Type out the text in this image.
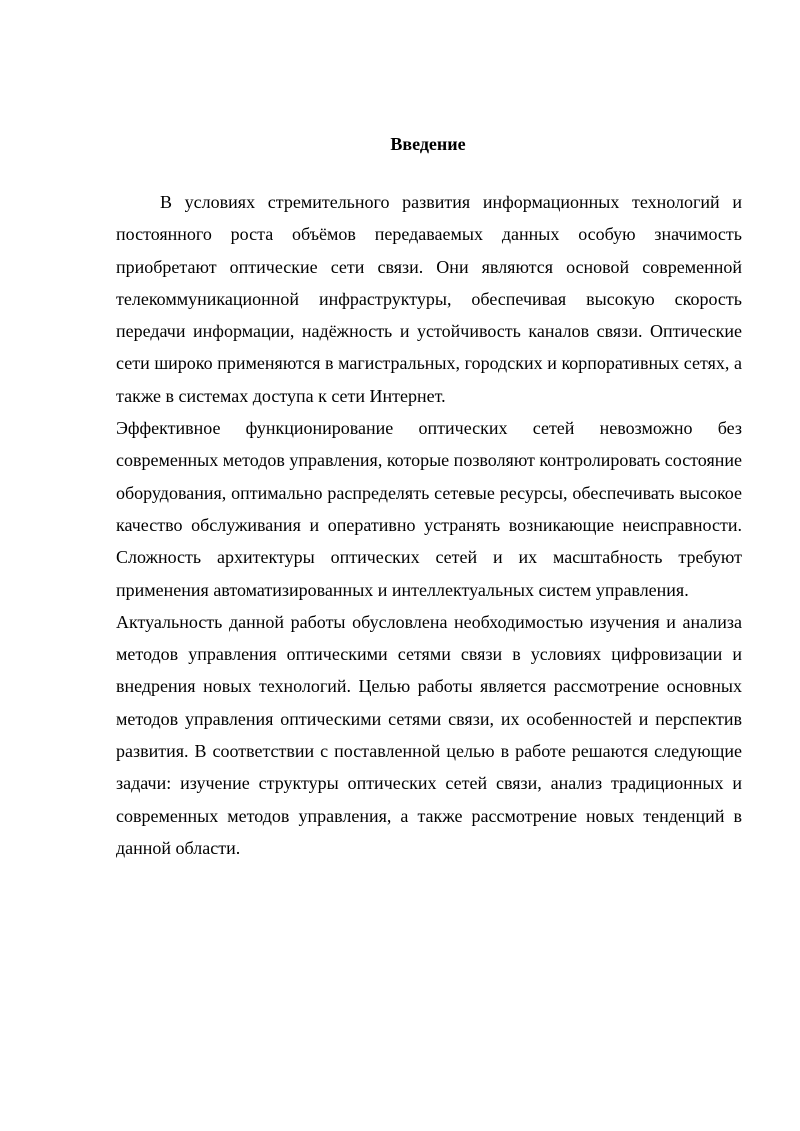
Введение

В условиях стремительного развития информационных технологий и постоянного роста объёмов передаваемых данных особую значимость приобретают оптические сети связи. Они являются основой современной телекоммуникационной инфраструктуры, обеспечивая высокую скорость передачи информации, надёжность и устойчивость каналов связи. Оптические сети широко применяются в магистральных, городских и корпоративных сетях, а также в системах доступа к сети Интернет.

Эффективное функционирование оптических сетей невозможно без современных методов управления, которые позволяют контролировать состояние оборудования, оптимально распределять сетевые ресурсы, обеспечивать высокое качество обслуживания и оперативно устранять возникающие неисправности. Сложность архитектуры оптических сетей и их масштабность требуют применения автоматизированных и интеллектуальных систем управления.

Актуальность данной работы обусловлена необходимостью изучения и анализа методов управления оптическими сетями связи в условиях цифровизации и внедрения новых технологий. Целью работы является рассмотрение основных методов управления оптическими сетями связи, их особенностей и перспектив развития. В соответствии с поставленной целью в работе решаются следующие задачи: изучение структуры оптических сетей связи, анализ традиционных и современных методов управления, а также рассмотрение новых тенденций в данной области.
